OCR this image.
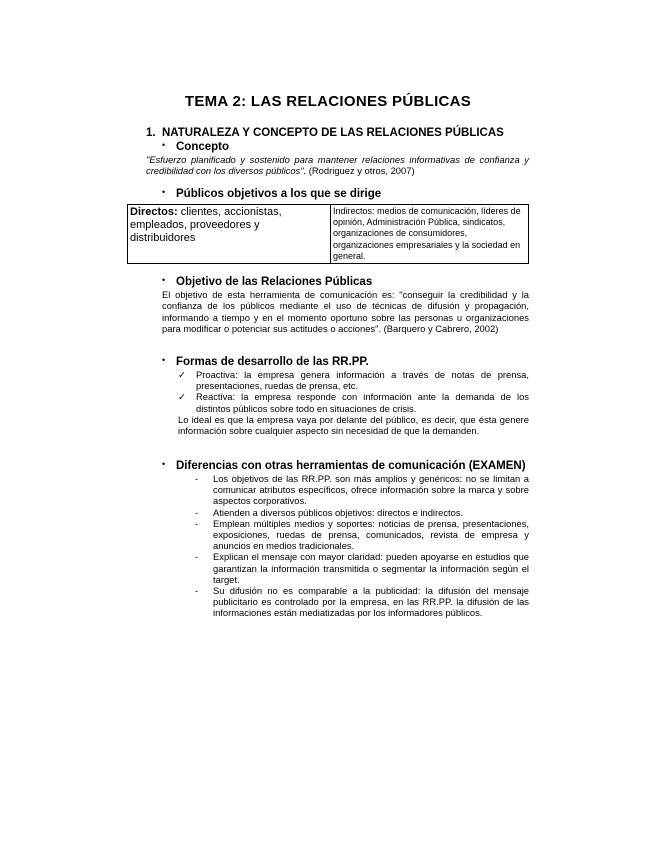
TEMA 2: LAS RELACIONES PÚBLICAS
1. NATURALEZA Y CONCEPTO DE LAS RELACIONES PÚBLICAS
• Concepto
"Esfuerzo planificado y sostenido para mantener relaciones informativas de confianza y credibilidad con los diversos públicos". (Rodriguez y otros, 2007)
• Públicos objetivos a los que se dirige
Directos: clientes, accionistas, empleados, proveedores y distribuidores	Indirectos: medios de comunicación, líderes de opinión, Administración Pública, sindicatos, organizaciones de consumidores, organizaciones empresariales y la sociedad en general.
• Objetivo de las Relaciones Públicas
El objetivo de esta herramienta de comunicación es: "conseguir la credibilidad y la confianza de los públicos mediante el uso de técnicas de difusión y propagación, informando a tiempo y en el momento oportuno sobre las personas u organizaciones para modificar o potenciar sus actitudes o acciones". (Barquero y Cabrero, 2002)
• Formas de desarrollo de las RR.PP.
✓ Proactiva: la empresa genera información a través de notas de prensa, presentaciones, ruedas de prensa, etc.
✓ Reactiva: la empresa responde con información ante la demanda de los distintos públicos sobre todo en situaciones de crisis.
Lo ideal es que la empresa vaya por delante del público, es decir, que ésta genere información sobre cualquier aspecto sin necesidad de que la demanden.
• Diferencias con otras herramientas de comunicación (EXAMEN)
- Los objetivos de las RR.PP. son más amplios y genéricos: no se limitan a comunicar atributos específicos, ofrece información sobre la marca y sobre aspectos corporativos.
- Atienden a diversos públicos objetivos: directos e indirectos.
- Emplean múltiples medios y soportes: noticias de prensa, presentaciones, exposiciones, ruedas de prensa, comunicados, revista de empresa y anuncios en medios tradicionales.
- Explican el mensaje con mayor claridad: pueden apoyarse en estudios que garantizan la información transmitida o segmentar la información según el target.
- Su difusión no es comparable a la publicidad: la difusión del mensaje publicitario es controlado por la empresa, en las RR.PP. la difusión de las informaciones están mediatizadas por los informadores públicos.
